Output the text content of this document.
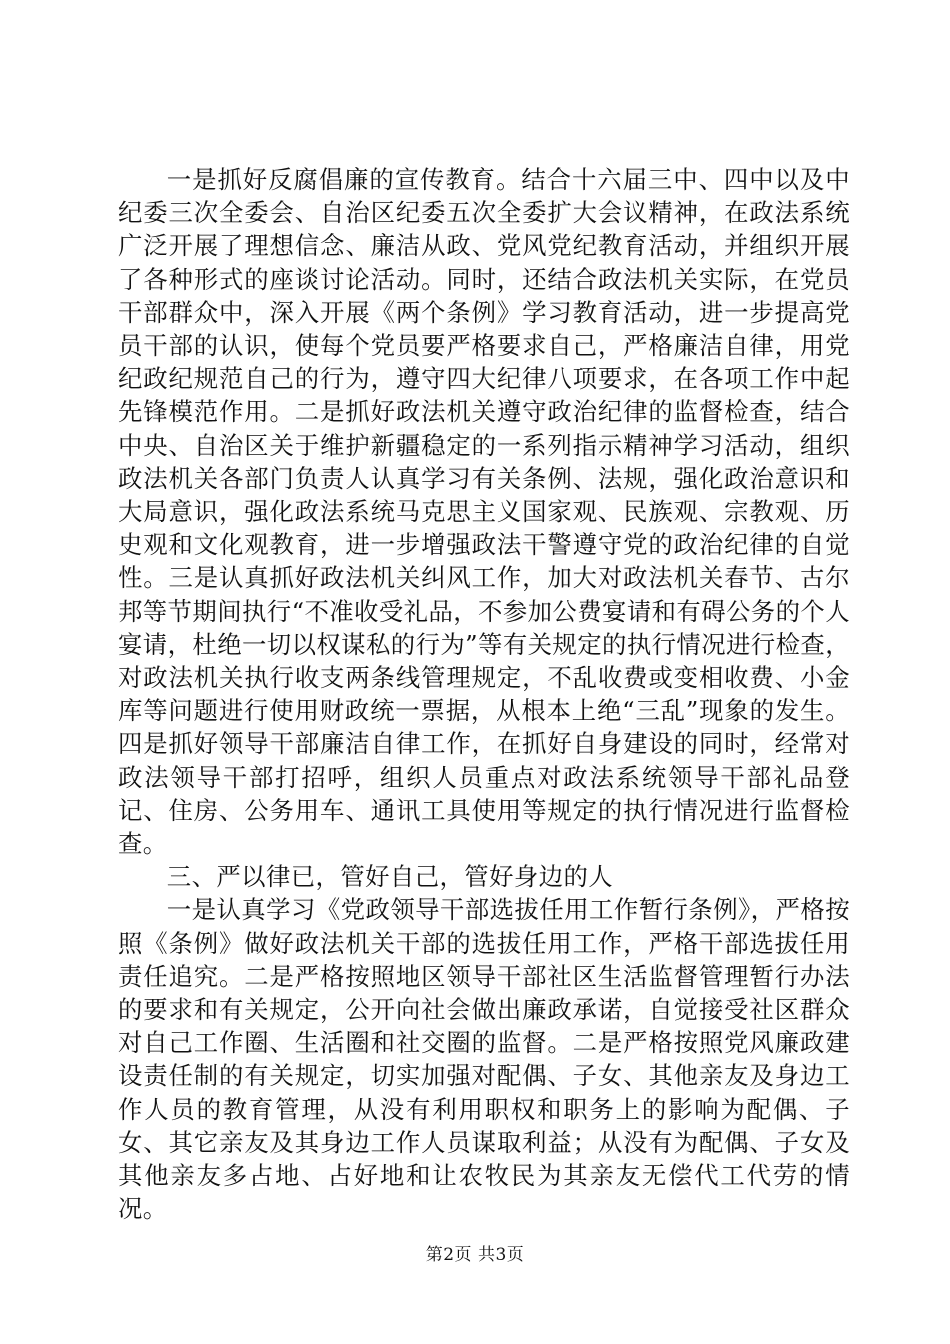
一是抓好反腐倡廉的宣传教育。结合十六届三中、四中以及中纪委三次全委会、自治区纪委五次全委扩大会议精神，在政法系统广泛开展了理想信念、廉洁从政、党风党纪教育活动，并组织开展了各种形式的座谈讨论活动。同时，还结合政法机关实际，在党员干部群众中，深入开展《两个条例》学习教育活动，进一步提高党员干部的认识，使每个党员要严格要求自己，严格廉洁自律，用党纪政纪规范自己的行为，遵守四大纪律八项要求，在各项工作中起先锋模范作用。二是抓好政法机关遵守政治纪律的监督检查，结合中央、自治区关于维护新疆稳定的一系列指示精神学习活动，组织政法机关各部门负责人认真学习有关条例、法规，强化政治意识和大局意识，强化政法系统马克思主义国家观、民族观、宗教观、历史观和文化观教育，进一步增强政法干警遵守党的政治纪律的自觉性。三是认真抓好政法机关纠风工作，加大对政法机关春节、古尔邦等节期间执行“不准收受礼品，不参加公费宴请和有碍公务的个人宴请，杜绝一切以权谋私的行为”等有关规定的执行情况进行检查，对政法机关执行收支两条线管理规定，不乱收费或变相收费、小金库等问题进行使用财政统一票据，从根本上绝“三乱”现象的发生。四是抓好领导干部廉洁自律工作，在抓好自身建设的同时，经常对政法领导干部打招呼，组织人员重点对政法系统领导干部礼品登记、住房、公务用车、通讯工具使用等规定的执行情况进行监督检查。

三、严以律已，管好自己，管好身边的人

一是认真学习《党政领导干部选拔任用工作暂行条例》，严格按照《条例》做好政法机关干部的选拔任用工作，严格干部选拔任用责任追究。二是严格按照地区领导干部社区生活监督管理暂行办法的要求和有关规定，公开向社会做出廉政承诺，自觉接受社区群众对自己工作圈、生活圈和社交圈的监督。二是严格按照党风廉政建设责任制的有关规定，切实加强对配偶、子女、其他亲友及身边工作人员的教育管理，从没有利用职权和职务上的影响为配偶、子女、其它亲友及其身边工作人员谋取利益；从没有为配偶、子女及其他亲友多占地、占好地和让农牧民为其亲友无偿代工代劳的情况。

第2页 共3页
